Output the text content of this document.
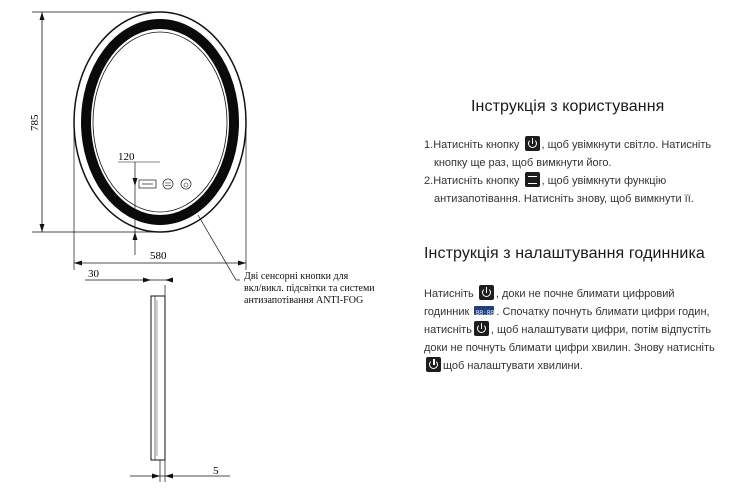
785
120
580
30
5
Дві сенсорні кнопки для
вкл/викл. підсвітки та системи
антизапотівання ANTI-FOG
Інструкція з користування
1.Натисніть кнопку , щоб увімкнути світло. Натисніть
кнопку ще раз, щоб вимкнути його.
2.Натисніть кнопку , щоб увімкнути функцію
антизапотівання. Натисніть знову, щоб вимкнути її.
Інструкція з налаштування годинника
Натисніть , доки не почне блимати цифровий
годинник 88:88 . Спочатку почнуть блимати цифри годин,
натисніть , щоб налаштувати цифри, потім відпустіть
доки не почнуть блимати цифри хвилин. Знову натисніть
щоб налаштувати хвилини.
